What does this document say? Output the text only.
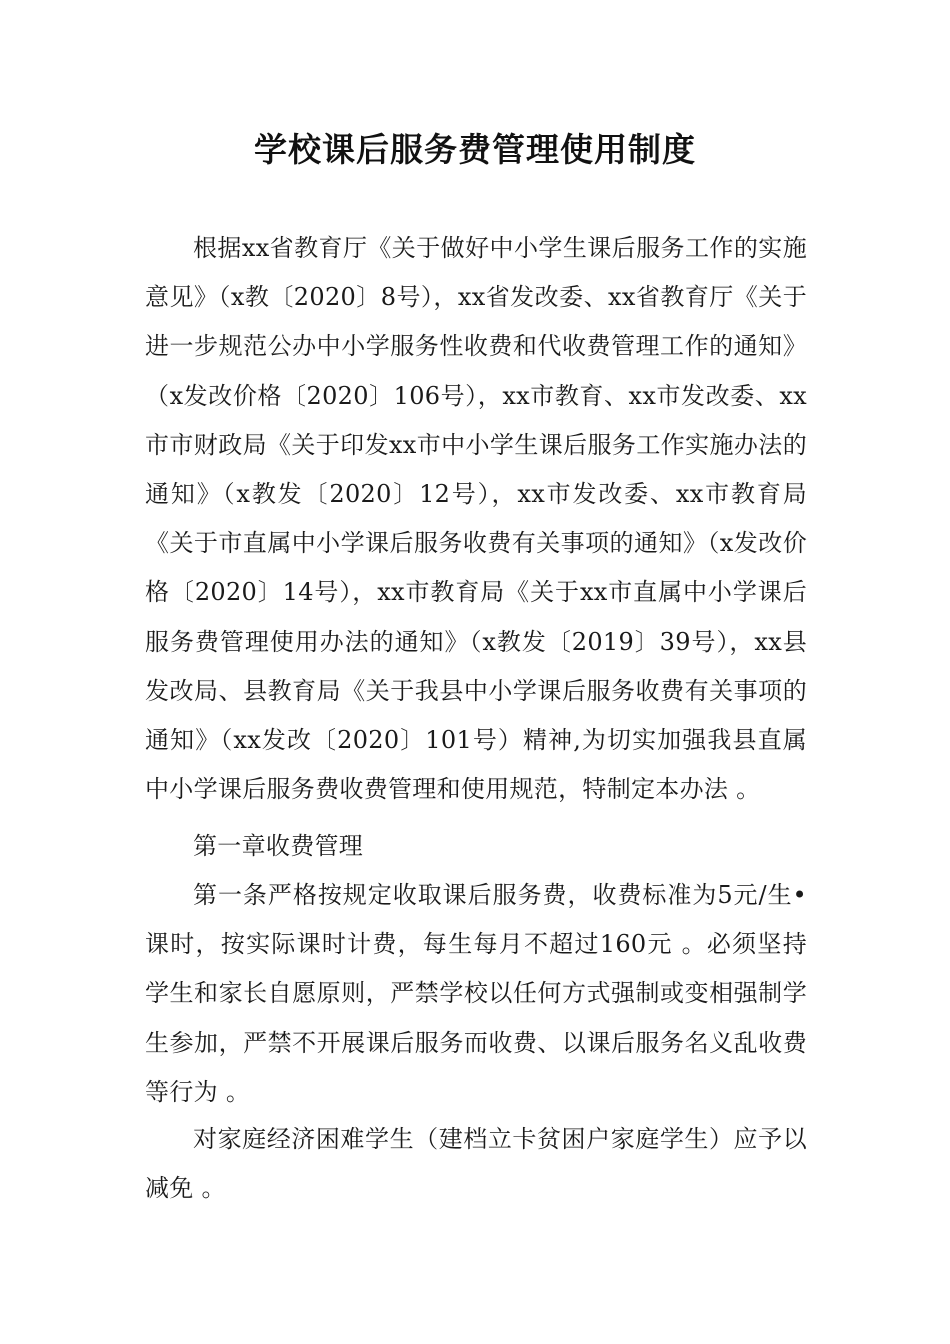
学校课后服务费管理使用制度

根据xx省教育厅《关于做好中小学生课后服务工作的实施意见》（x教〔2020〕8号），xx省发改委、xx省教育厅《关于进一步规范公办中小学服务性收费和代收费管理工作的通知》（x发改价格〔2020〕106号），xx市教育、xx市发改委、xx市市财政局《关于印发xx市中小学生课后服务工作实施办法的通知》（x教发〔2020〕12号），xx市发改委、xx市教育局《关于市直属中小学课后服务收费有关事项的通知》（x发改价格〔2020〕14号），xx市教育局《关于xx市直属中小学课后服务费管理使用办法的通知》（x教发〔2019〕39号），xx县发改局、县教育局《关于我县中小学课后服务收费有关事项的通知》（xx发改〔2020〕101号）精神,为切实加强我县直属中小学课后服务费收费管理和使用规范，特制定本办法 。

第一章收费管理

第一条严格按规定收取课后服务费，收费标准为5元/生•课时，按实际课时计费，每生每月不超过160元 。必须坚持学生和家长自愿原则，严禁学校以任何方式强制或变相强制学生参加，严禁不开展课后服务而收费、以课后服务名义乱收费等行为 。

对家庭经济困难学生（建档立卡贫困户家庭学生）应予以减免 。
